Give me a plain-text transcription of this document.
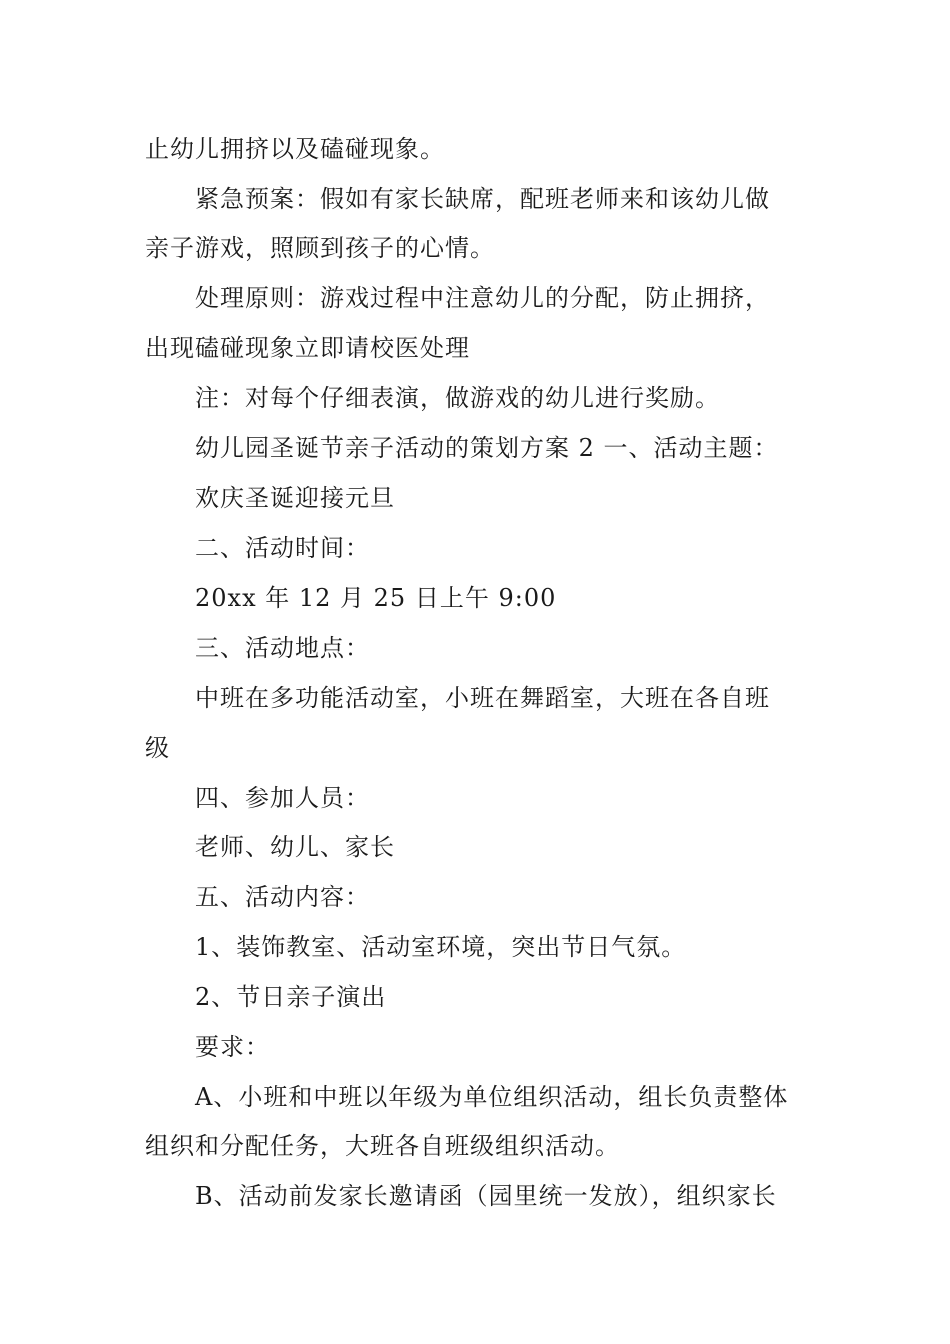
止幼儿拥挤以及磕碰现象。
紧急预案：假如有家长缺席，配班老师来和该幼儿做
亲子游戏，照顾到孩子的心情。
处理原则：游戏过程中注意幼儿的分配，防止拥挤，
出现磕碰现象立即请校医处理
注：对每个仔细表演，做游戏的幼儿进行奖励。
幼儿园圣诞节亲子活动的策划方案 2 一、活动主题：
欢庆圣诞迎接元旦
二、活动时间：
20xx 年 12 月 25 日上午 9:00
三、活动地点：
中班在多功能活动室，小班在舞蹈室，大班在各自班
级
四、参加人员：
老师、幼儿、家长
五、活动内容：
1、装饰教室、活动室环境，突出节日气氛。
2、节日亲子演出
要求：
A、小班和中班以年级为单位组织活动，组长负责整体
组织和分配任务，大班各自班级组织活动。
B、活动前发家长邀请函（园里统一发放），组织家长
